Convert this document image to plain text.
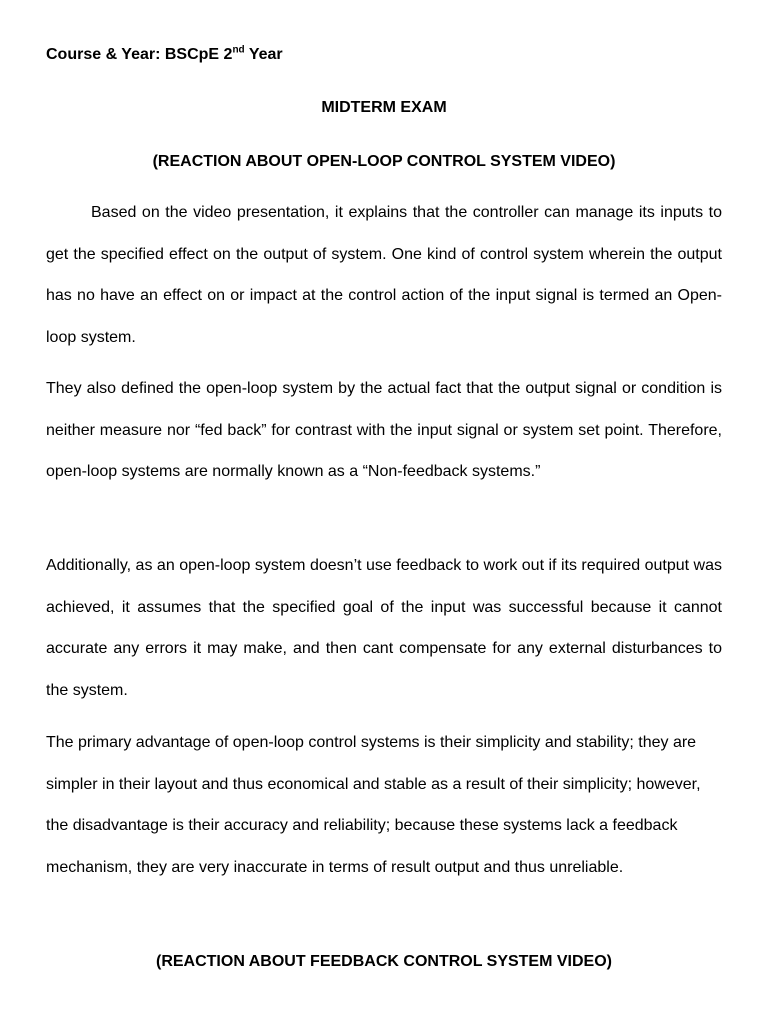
Course & Year: BSCpE 2nd Year
MIDTERM EXAM
(REACTION ABOUT OPEN-LOOP CONTROL SYSTEM VIDEO)

Based on the video presentation, it explains that the controller can manage its inputs to get the specified effect on the output of system. One kind of control system wherein the output has no have an effect on or impact at the control action of the input signal is termed an Open-loop system.

They also defined the open-loop system by the actual fact that the output signal or condition is neither measure nor “fed back” for contrast with the input signal or system set point. Therefore, open-loop systems are normally known as a “Non-feedback systems.”

Additionally, as an open-loop system doesn’t use feedback to work out if its required output was achieved, it assumes that the specified goal of the input was successful because it cannot accurate any errors it may make, and then cant compensate for any external disturbances to the system.

The primary advantage of open-loop control systems is their simplicity and stability; they are simpler in their layout and thus economical and stable as a result of their simplicity; however, the disadvantage is their accuracy and reliability; because these systems lack a feedback mechanism, they are very inaccurate in terms of result output and thus unreliable.

(REACTION ABOUT FEEDBACK CONTROL SYSTEM VIDEO)
